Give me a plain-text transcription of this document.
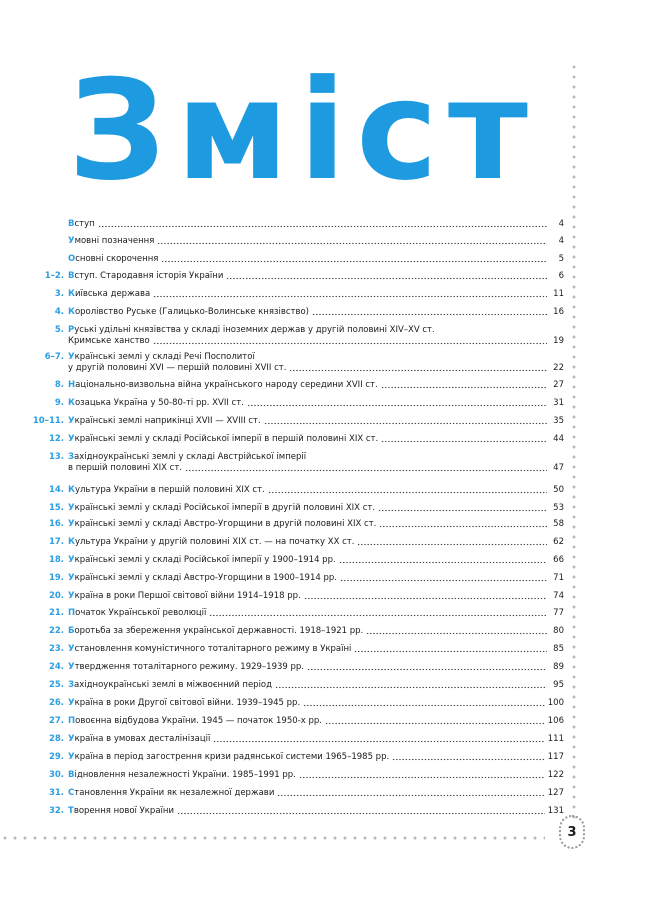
Зміст
3
Вступ	4
Умовні позначення	4
Основні скорочення	5
1–2. Вступ. Стародавня історія України	6
3. Київська держава	11
4. Королівство Руське (Галицько-Волинське князівство)	16
5. Руські удільні князівства у складі іноземних держав у другій половині XIV–XV ст.
Кримське ханство	19
6–7. Українські землі у складі Речі Посполитої
у другій половині XVI — першій половині XVII ст.	22
8. Національно-визвольна війна українського народу середини XVII ст.	27
9. Козацька Україна у 50-80-ті рр. XVII ст.	31
10–11. Українські землі наприкінці XVII — XVIII ст.	35
12. Українські землі у складі Російської імперії в першій половині XIX ст.	44
13. Західноукраїнські землі у складі Австрійської імперії
в першій половині XIX ст.	47
14. Культура України в першій половині XIX ст.	50
15. Українські землі у складі Російської імперії в другій половині XIX ст.	53
16. Українські землі у складі Австро-Угорщини в другій половині XIX ст.	58
17. Культура України у другій половині XIX ст. — на початку XX ст.	62
18. Українські землі у складі Російської імперії у 1900–1914 рр.	66
19. Українські землі у складі Австро-Угорщини в 1900–1914 рр.	71
20. Україна в роки Першої світової війни 1914–1918 рр.	74
21. Початок Української революції	77
22. Боротьба за збереження української державності. 1918–1921 рр.	80
23. Установлення комуністичного тоталітарного режиму в Україні	85
24. Утвердження тоталітарного режиму. 1929–1939 рр.	89
25. Західноукраїнські землі в міжвоєнний період	95
26. Україна в роки Другої світової війни. 1939–1945 рр.	100
27. Повоєнна відбудова України. 1945 — початок 1950-х рр.	106
28. Україна в умовах десталінізації	111
29. Україна в період загострення кризи радянської системи 1965–1985 рр.	117
30. Відновлення незалежності України. 1985–1991 рр.	122
31. Становлення України як незалежної держави	127
32. Творення нової України	131
